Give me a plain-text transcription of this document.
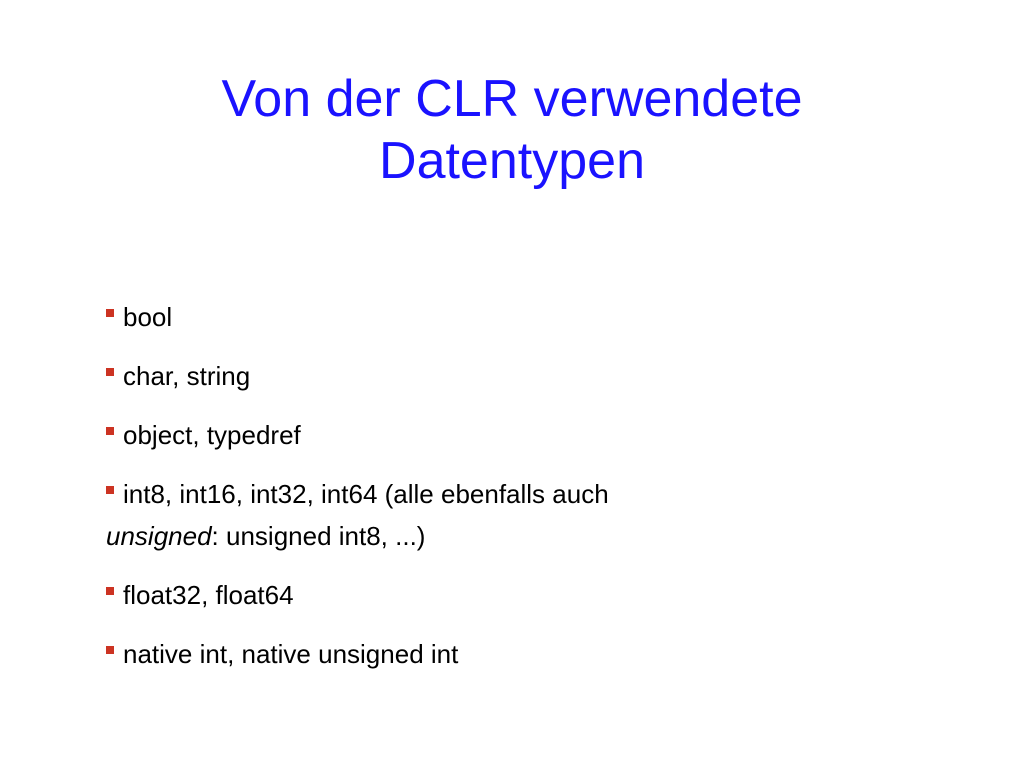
Von der CLR verwendete
Datentypen
bool
char, string
object, typedref
int8, int16, int32, int64 (alle ebenfalls auch
unsigned: unsigned int8, ...)
float32, float64
native int, native unsigned int
